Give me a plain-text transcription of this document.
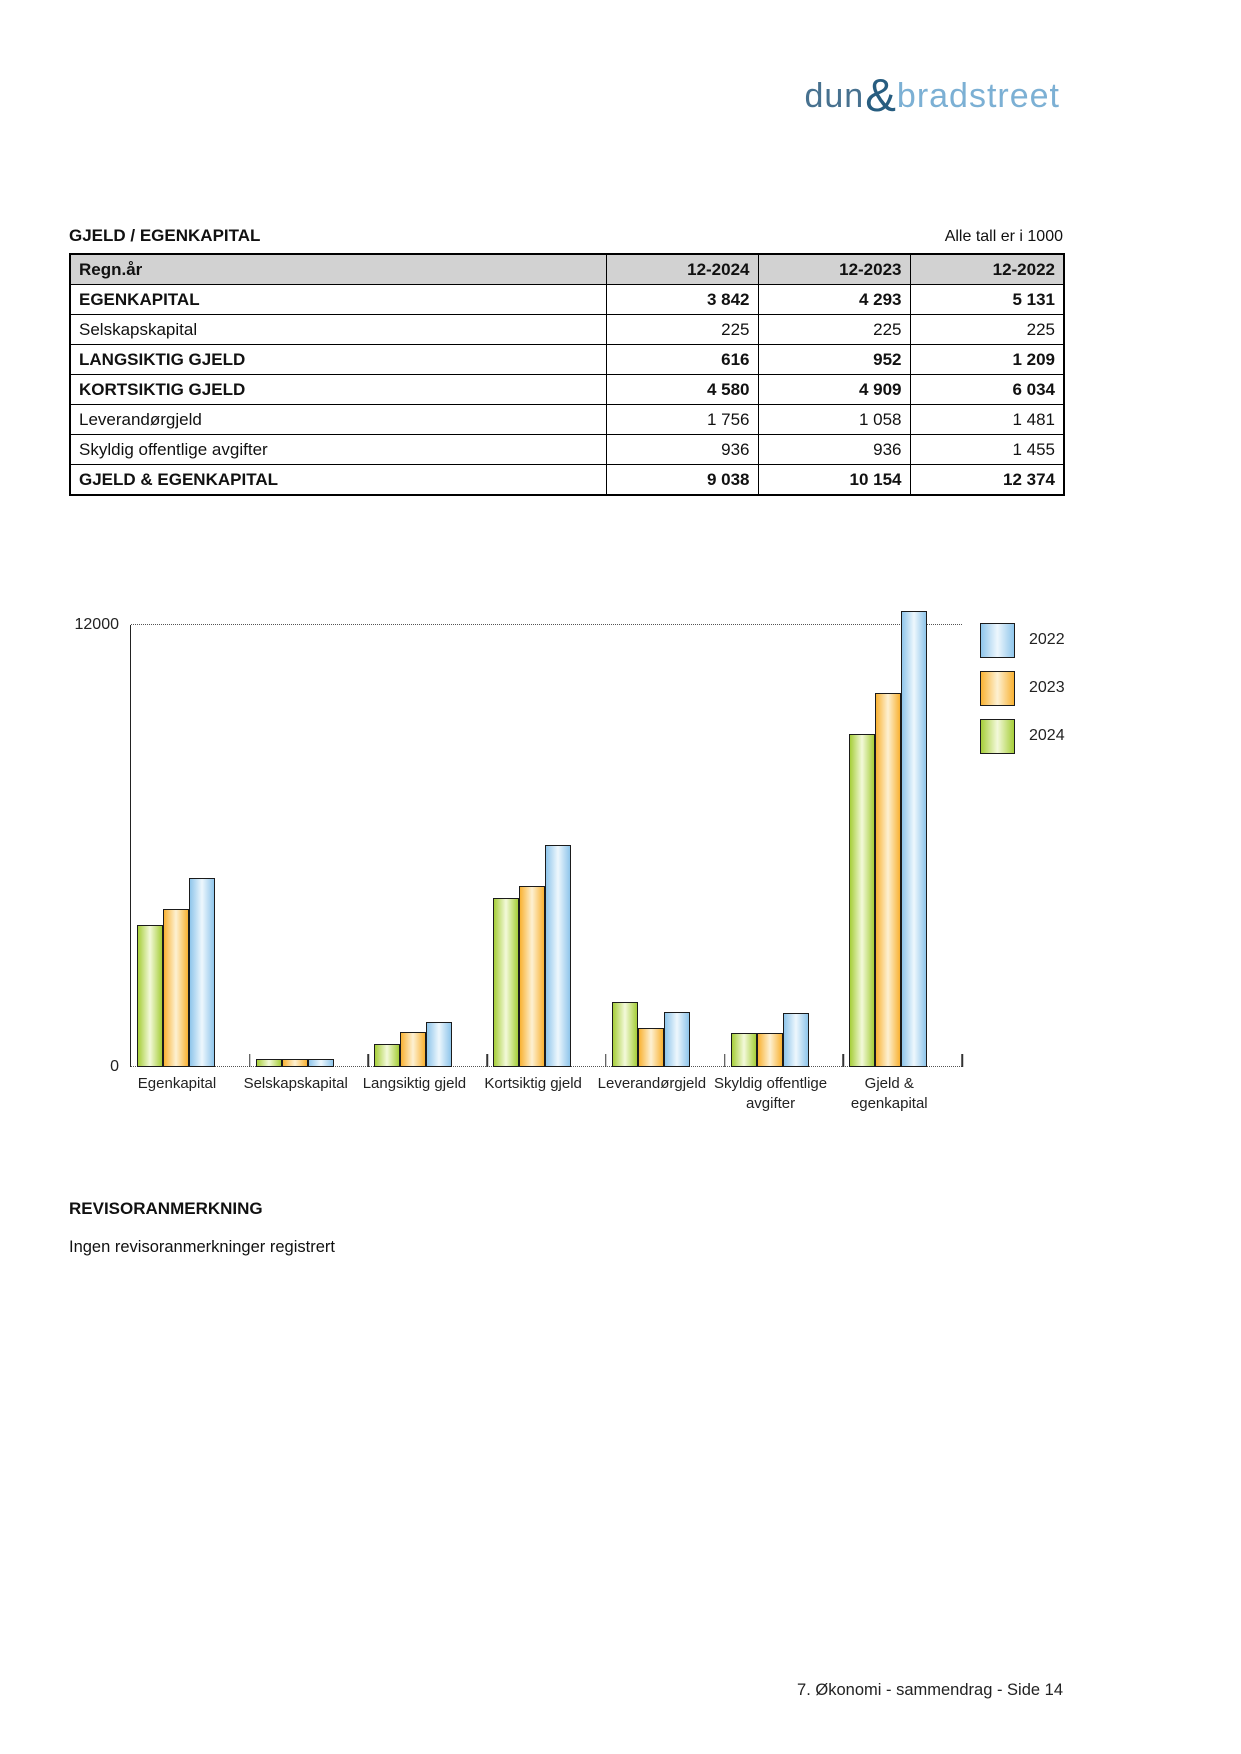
dun&bradstreet
GJELD / EGENKAPITAL	Alle tall er i 1000
Regn.år	12-2024	12-2023	12-2022
EGENKAPITAL	3 842	4 293	5 131
Selskapskapital	225	225	225
LANGSIKTIG GJELD	616	952	1 209
KORTSIKTIG GJELD	4 580	4 909	6 034
Leverandørgjeld	1 756	1 058	1 481
Skyldig offentlige avgifter	936	936	1 455
GJELD & EGENKAPITAL	9 038	10 154	12 374
12000
0
Egenkapital	Selskapskapital Langsiktig gjeld	Kortsiktig gjeld	Leverandørgjeld Skyldig offentlige
avgifter
Gjeld &
egenkapital
2022
2023
2024
REVISORANMERKNING
Ingen revisoranmerkninger registrert
7. Økonomi - sammendrag - Side 14
